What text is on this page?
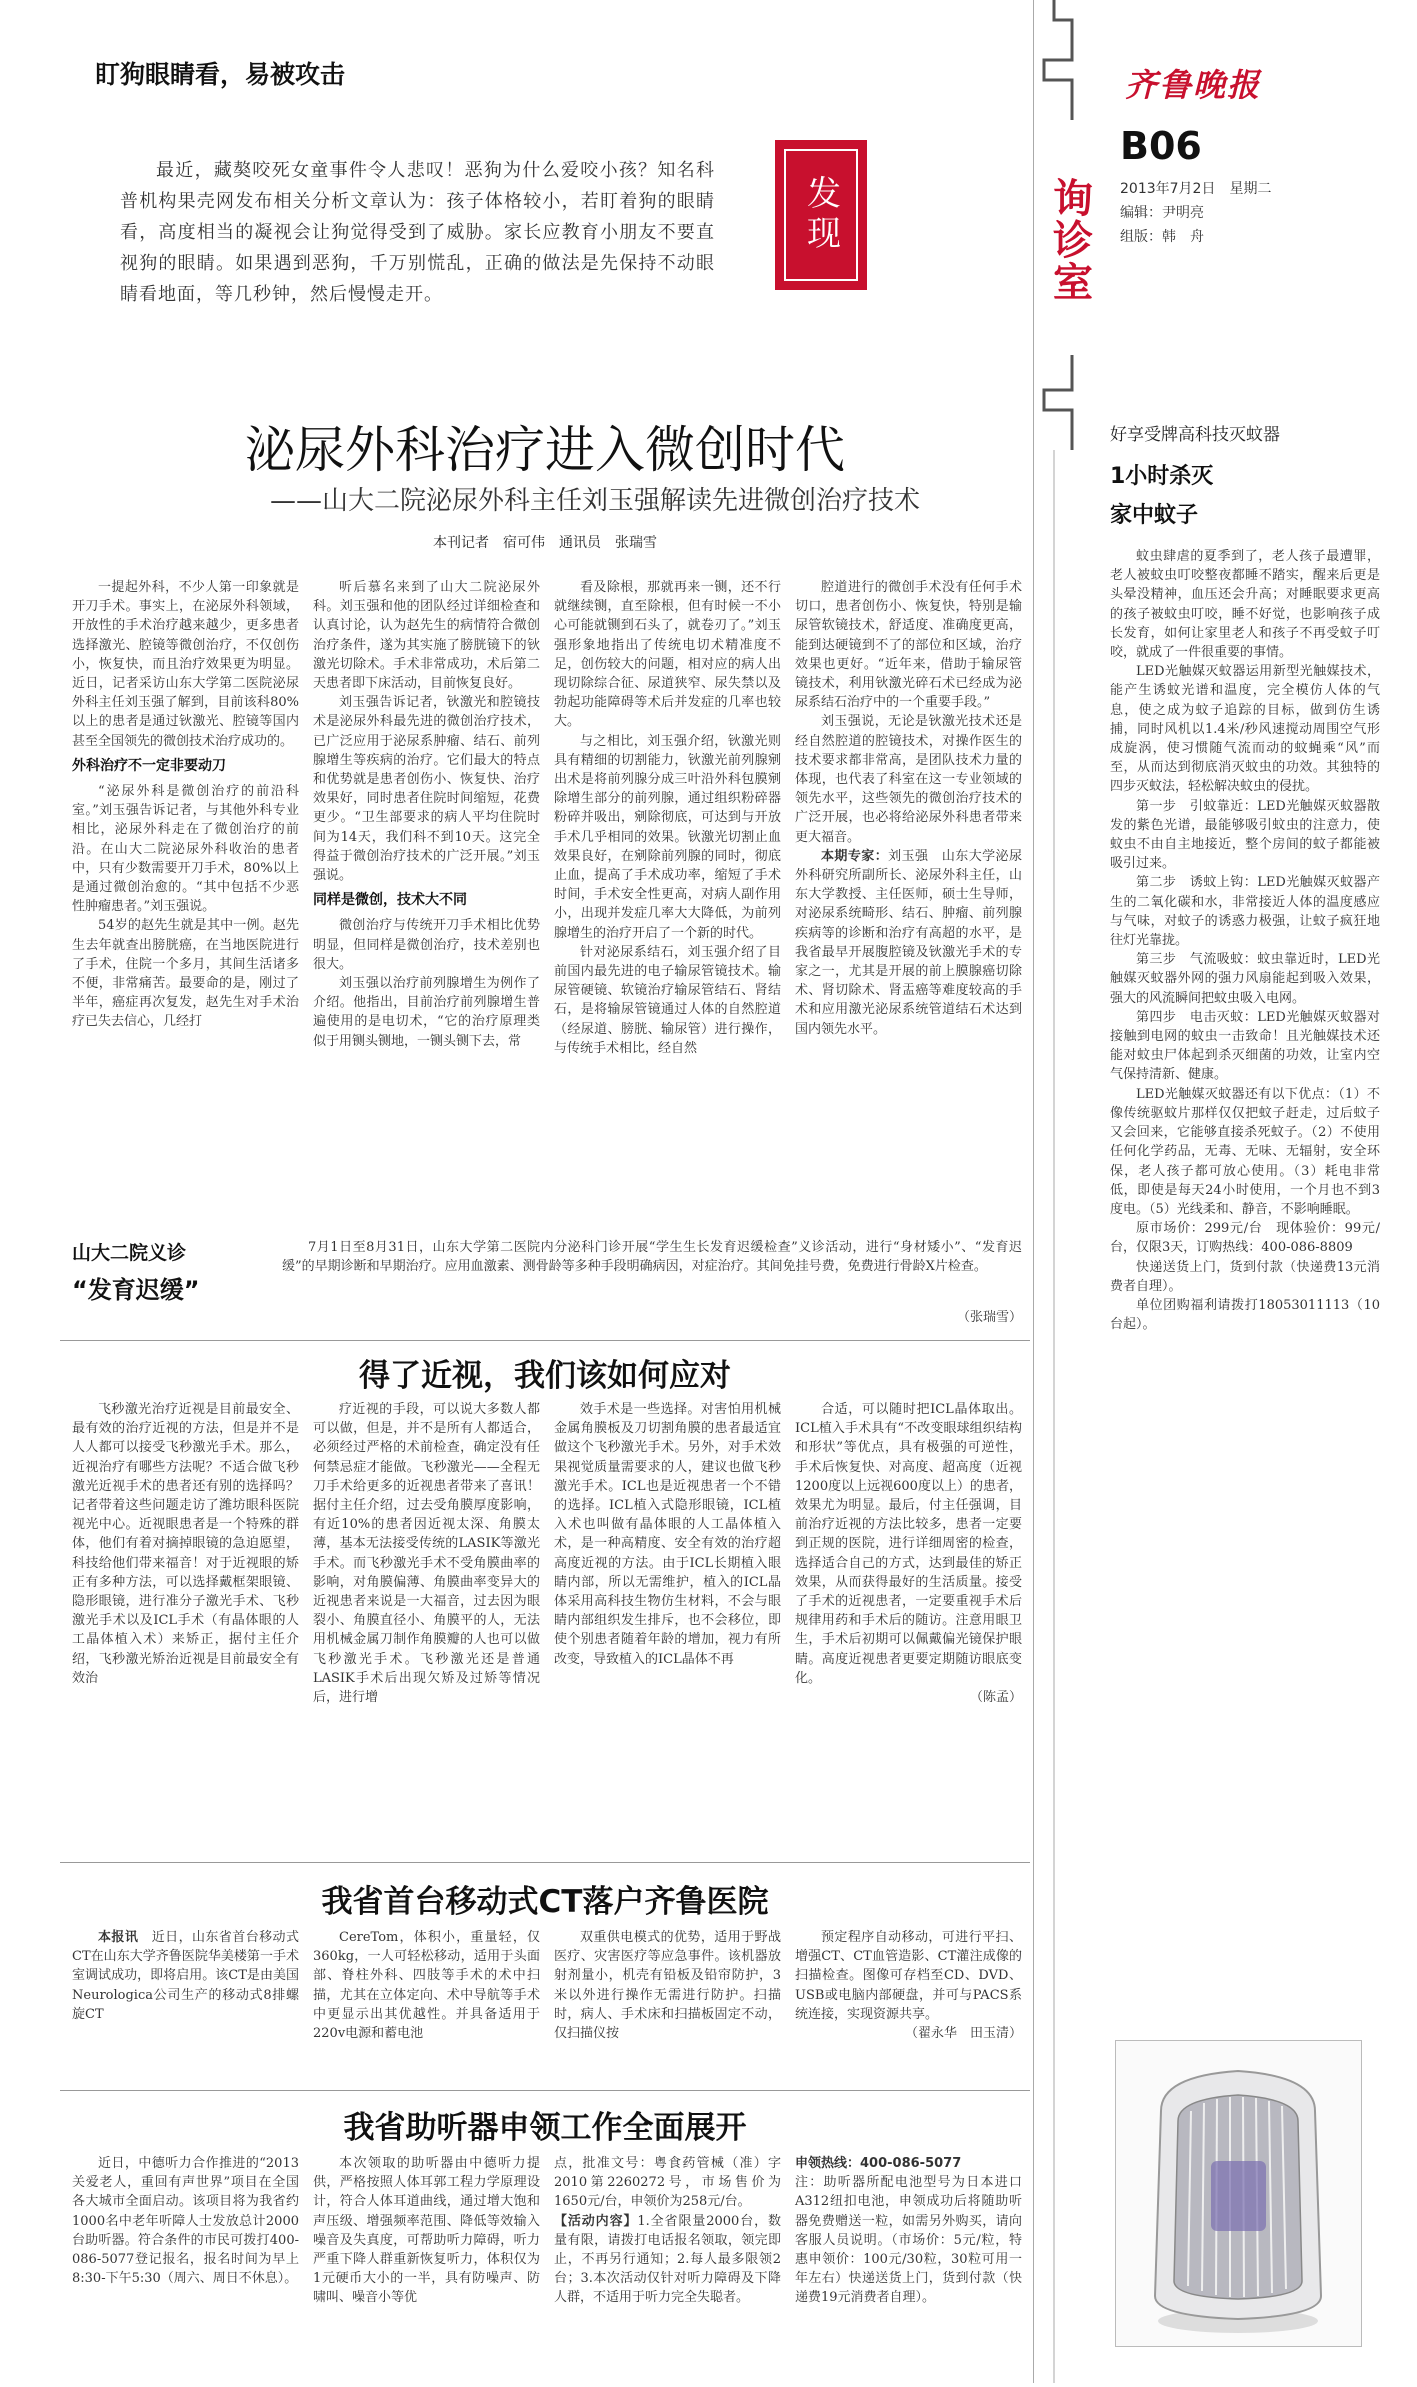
盯狗眼睛看，易被攻击
最近，藏獒咬死女童事件令人悲叹！恶狗为什么爱咬小孩？知名科普机构果壳网发布相关分析文章认为：孩子体格较小，若盯着狗的眼睛看，高度相当的凝视会让狗觉得受到了威胁。家长应教育小朋友不要直视狗的眼睛。如果遇到恶狗，千万别慌乱，正确的做法是先保持不动眼睛看地面，等几秒钟，然后慢慢走开。
发现	询诊室
齐鲁晚报
B06
2013年7月2日　星期二
编辑：尹明亮
组版：韩　舟
泌尿外科治疗进入微创时代
——山大二院泌尿外科主任刘玉强解读先进微创治疗技术
本刊记者　宿可伟　通讯员　张瑞雪

一提起外科，不少人第一印象就是开刀手术。事实上，在泌尿外科领域，开放性的手术治疗越来越少，更多患者选择激光、腔镜等微创治疗，不仅创伤小，恢复快，而且治疗效果更为明显。近日，记者采访山东大学第二医院泌尿外科主任刘玉强了解到，目前该科80%以上的患者是通过钬激光、腔镜等国内甚至全国领先的微创技术治疗成功的。

外科治疗不一定非要动刀

“泌尿外科是微创治疗的前沿科室。”刘玉强告诉记者，与其他外科专业相比，泌尿外科走在了微创治疗的前沿。在山大二院泌尿外科收治的患者中，只有少数需要开刀手术，80%以上是通过微创治愈的。“其中包括不少恶性肿瘤患者。”刘玉强说。

54岁的赵先生就是其中一例。赵先生去年就查出膀胱癌，在当地医院进行了手术，住院一个多月，其间生活诸多不便，非常痛苦。最要命的是，刚过了半年，癌症再次复发，赵先生对手术治疗已失去信心，几经打

听后慕名来到了山大二院泌尿外科。刘玉强和他的团队经过详细检查和认真讨论，认为赵先生的病情符合微创治疗条件，遂为其实施了膀胱镜下的钬激光切除术。手术非常成功，术后第二天患者即下床活动，目前恢复良好。

刘玉强告诉记者，钬激光和腔镜技术是泌尿外科最先进的微创治疗技术，已广泛应用于泌尿系肿瘤、结石、前列腺增生等疾病的治疗。它们最大的特点和优势就是患者创伤小、恢复快、治疗效果好，同时患者住院时间缩短，花费更少。“卫生部要求的病人平均住院时间为14天，我们科不到10天。这完全得益于微创治疗技术的广泛开展。”刘玉强说。

同样是微创，技术大不同

微创治疗与传统开刀手术相比优势明显，但同样是微创治疗，技术差别也很大。

刘玉强以治疗前列腺增生为例作了介绍。他指出，目前治疗前列腺增生普遍使用的是电切术，“它的治疗原理类似于用铡头铡地，一铡头铡下去，常

看及除根，那就再来一铡，还不行就继续铡，直至除根，但有时候一不小心可能就铡到石头了，就卷刃了。”刘玉强形象地指出了传统电切术精准度不足，创伤较大的问题，相对应的病人出现切除综合征、尿道狭窄、尿失禁以及勃起功能障碍等术后并发症的几率也较大。

与之相比，刘玉强介绍，钬激光则具有精细的切割能力，钬激光前列腺剜出术是将前列腺分成三叶沿外科包膜剜除增生部分的前列腺，通过组织粉碎器粉碎并吸出，剜除彻底，可达到与开放手术几乎相同的效果。钬激光切割止血效果良好，在剜除前列腺的同时，彻底止血，提高了手术成功率，缩短了手术时间，手术安全性更高，对病人副作用小，出现并发症几率大大降低，为前列腺增生的治疗开启了一个新的时代。

针对泌尿系结石，刘玉强介绍了目前国内最先进的电子输尿管镜技术。输尿管硬镜、软镜治疗输尿管结石、肾结石，是将输尿管镜通过人体的自然腔道（经尿道、膀胱、输尿管）进行操作，与传统手术相比，经自然

腔道进行的微创手术没有任何手术切口，患者创伤小、恢复快，特别是输尿管软镜技术，舒适度、准确度更高，能到达硬镜到不了的部位和区域，治疗效果也更好。“近年来，借助于输尿管镜技术，利用钬激光碎石术已经成为泌尿系结石治疗中的一个重要手段。”

刘玉强说，无论是钬激光技术还是经自然腔道的腔镜技术，对操作医生的技术要求都非常高，是团队技术力量的体现，也代表了科室在这一专业领域的领先水平，这些领先的微创治疗技术的广泛开展，也必将给泌尿外科患者带来更大福音。

本期专家：刘玉强　山东大学泌尿外科研究所副所长、泌尿外科主任，山东大学教授、主任医师，硕士生导师，对泌尿系统畸形、结石、肿瘤、前列腺疾病等的诊断和治疗有高超的水平，是我省最早开展腹腔镜及钬激光手术的专家之一，尤其是开展的前上膜腺癌切除术、肾切除术、肾盂癌等难度较高的手术和应用激光泌尿系统管道结石术达到国内领先水平。

山大二院义诊
“发育迟缓”
7月1日至8月31日，山东大学第二医院内分泌科门诊开展“学生生长发育迟缓检查”义诊活动，进行“身材矮小”、“发育迟缓”的早期诊断和早期治疗。应用血激素、测骨龄等多种手段明确病因，对症治疗。其间免挂号费，免费进行骨龄X片检查。
（张瑞雪）
得了近视，我们该如何应对

飞秒激光治疗近视是目前最安全、最有效的治疗近视的方法，但是并不是人人都可以接受飞秒激光手术。那么，近视治疗有哪些方法呢？不适合做飞秒激光近视手术的患者还有别的选择吗？记者带着这些问题走访了潍坊眼科医院视光中心。近视眼患者是一个特殊的群体，他们有着对摘掉眼镜的急迫愿望，科技给他们带来福音！对于近视眼的矫正有多种方法，可以选择戴框架眼镜、隐形眼镜，进行准分子激光手术、飞秒激光手术以及ICL手术（有晶体眼的人工晶体植入术）来矫正，据付主任介绍，飞秒激光矫治近视是目前最安全有效治

疗近视的手段，可以说大多数人都可以做，但是，并不是所有人都适合，必须经过严格的术前检查，确定没有任何禁忌症才能做。飞秒激光——全程无刀手术给更多的近视患者带来了喜讯！据付主任介绍，过去受角膜厚度影响，有近10%的患者因近视太深、角膜太薄，基本无法接受传统的LASIK等激光手术。而飞秒激光手术不受角膜曲率的影响，对角膜偏薄、角膜曲率变异大的近视患者来说是一大福音，过去因为眼裂小、角膜直径小、角膜平的人，无法用机械金属刀制作角膜瓣的人也可以做飞秒激光手术。飞秒激光还是普通LASIK手术后出现欠矫及过矫等情况后，进行增

效手术是一些选择。对害怕用机械金属角膜板及刀切割角膜的患者最适宜做这个飞秒激光手术。另外，对手术效果视觉质量需要求的人，建议也做飞秒激光手术。ICL也是近视患者一个不错的选择。ICL植入式隐形眼镜，ICL植入术也叫做有晶体眼的人工晶体植入术，是一种高精度、安全有效的治疗超高度近视的方法。由于ICL长期植入眼睛内部，所以无需维护，植入的ICL晶体采用高科技生物仿生材料，不会与眼睛内部组织发生排斥，也不会移位，即使个别患者随着年龄的增加，视力有所改变，导致植入的ICL晶体不再

合适，可以随时把ICL晶体取出。ICL植入手术具有“不改变眼球组织结构和形状”等优点，具有极强的可逆性，手术后恢复快、对高度、超高度（近视1200度以上远视600度以上）的患者，效果尤为明显。最后，付主任强调，目前治疗近视的方法比较多，患者一定要到正规的医院，进行详细周密的检查，选择适合自己的方式，达到最佳的矫正效果，从而获得最好的生活质量。接受了手术的近视患者，一定要重视手术后规律用药和手术后的随访。注意用眼卫生，手术后初期可以佩戴偏光镜保护眼睛。高度近视患者更要定期随访眼底变化。

（陈孟）
我省首台移动式CT落户齐鲁医院

本报讯　 近日，山东省首台移动式CT在山东大学齐鲁医院华美楼第一手术室调试成功，即将启用。该CT是由美国Neurologica公司生产的移动式8排螺旋CT

CereTom，体积小，重量轻，仅360kg，一人可轻松移动，适用于头面部、脊柱外科、四肢等手术的术中扫描，尤其在立体定向、术中导航等手术中更显示出其优越性。并具备适用于220v电源和蓄电池

双重供电模式的优势，适用于野战医疗、灾害医疗等应急事件。该机器放射剂量小，机壳有铅板及铅帘防护，3米以外进行操作无需进行防护。扫描时，病人、手术床和扫描板固定不动，仅扫描仪按

预定程序自动移动，可进行平扫、增强CT、CT血管造影、CT灌注成像的扫描检查。图像可存档至CD、DVD、USB或电脑内部硬盘，并可与PACS系统连接，实现资源共享。

（翟永华　田玉清）
我省助听器申领工作全面展开

近日，中德听力合作推进的“2013关爱老人，重回有声世界”项目在全国各大城市全面启动。该项目将为我省约1000名中老年听障人士发放总计2000台助听器。符合条件的市民可拨打400-086-5077登记报名，报名时间为早上8:30-下午5:30（周六、周日不休息）。

本次领取的助听器由中德听力提供，严格按照人体耳郭工程力学原理设计，符合人体耳道曲线，通过增大饱和声压级、增强频率范围、降低等效输入噪音及失真度，可帮助听力障碍，听力严重下降人群重新恢复听力，体积仅为1元硬币大小的一半，具有防噪声、防啸叫、噪音小等优

点，批准文号：粤食药管械（准）字2010第2260272号，市场售价为1650元/台，申领价为258元/台。

【活动内容】1.全省限量2000台，数量有限，请拨打电话报名领取，领完即止，不再另行通知；2.每人最多限领2台；3.本次活动仅针对听力障碍及下降人群，不适用于听力完全失聪者。

申领热线：400-086-5077

注：助听器所配电池型号为日本进口A312纽扣电池，申领成功后将随助听器免费赠送一粒，如需另外购买，请向客服人员说明。（市场价：5元/粒，特惠申领价：100元/30粒，30粒可用一年左右）快递送货上门，货到付款（快递费19元消费者自理）。

好享受牌高科技灭蚊器
1小时杀灭
家中蚊子

蚊虫肆虐的夏季到了，老人孩子最遭罪，老人被蚊虫叮咬整夜都睡不踏实，醒来后更是头晕没精神，血压还会升高；对睡眠要求更高的孩子被蚊虫叮咬，睡不好觉，也影响孩子成长发育，如何让家里老人和孩子不再受蚊子叮咬，就成了一件很重要的事情。

LED光触媒灭蚊器运用新型光触媒技术，能产生诱蚊光谱和温度，完全模仿人体的气息，使之成为蚊子追踪的目标，做到仿生诱捕，同时风机以1.4米/秒风速搅动周围空气形成旋涡，使习惯随气流而动的蚊蝇乘“风”而至，从而达到彻底消灭蚊虫的功效。其独特的四步灭蚊法，轻松解决蚊虫的侵扰。

第一步　引蚊靠近：LED光触媒灭蚊器散发的紫色光谱，最能够吸引蚊虫的注意力，使蚊虫不由自主地接近，整个房间的蚊子都能被吸引过来。

第二步　诱蚊上钩：LED光触媒灭蚊器产生的二氧化碳和水，非常接近人体的温度感应与气味，对蚊子的诱惑力极强，让蚊子疯狂地往灯光靠拢。

第三步　气流吸蚊：蚊虫靠近时，LED光触媒灭蚊器外网的强力风扇能起到吸入效果，强大的风流瞬间把蚊虫吸入电网。

第四步　电击灭蚊：LED光触媒灭蚊器对接触到电网的蚊虫一击致命！且光触媒技术还能对蚊虫尸体起到杀灭细菌的功效，让室内空气保持清新、健康。

LED光触媒灭蚊器还有以下优点：（1）不像传统驱蚊片那样仅仅把蚊子赶走，过后蚊子又会回来，它能够直接杀死蚊子。（2）不使用任何化学药品，无毒、无味、无辐射，安全环保，老人孩子都可放心使用。（3）耗电非常低，即使是每天24小时使用，一个月也不到3度电。（5）光线柔和、静音，不影响睡眠。

原市场价：299元/台　现体验价：99元/台，仅限3天，订购热线：400-086-8809

快递送货上门，货到付款（快递费13元消费者自理）。

单位团购福利请拨打18053011113（10台起）。
